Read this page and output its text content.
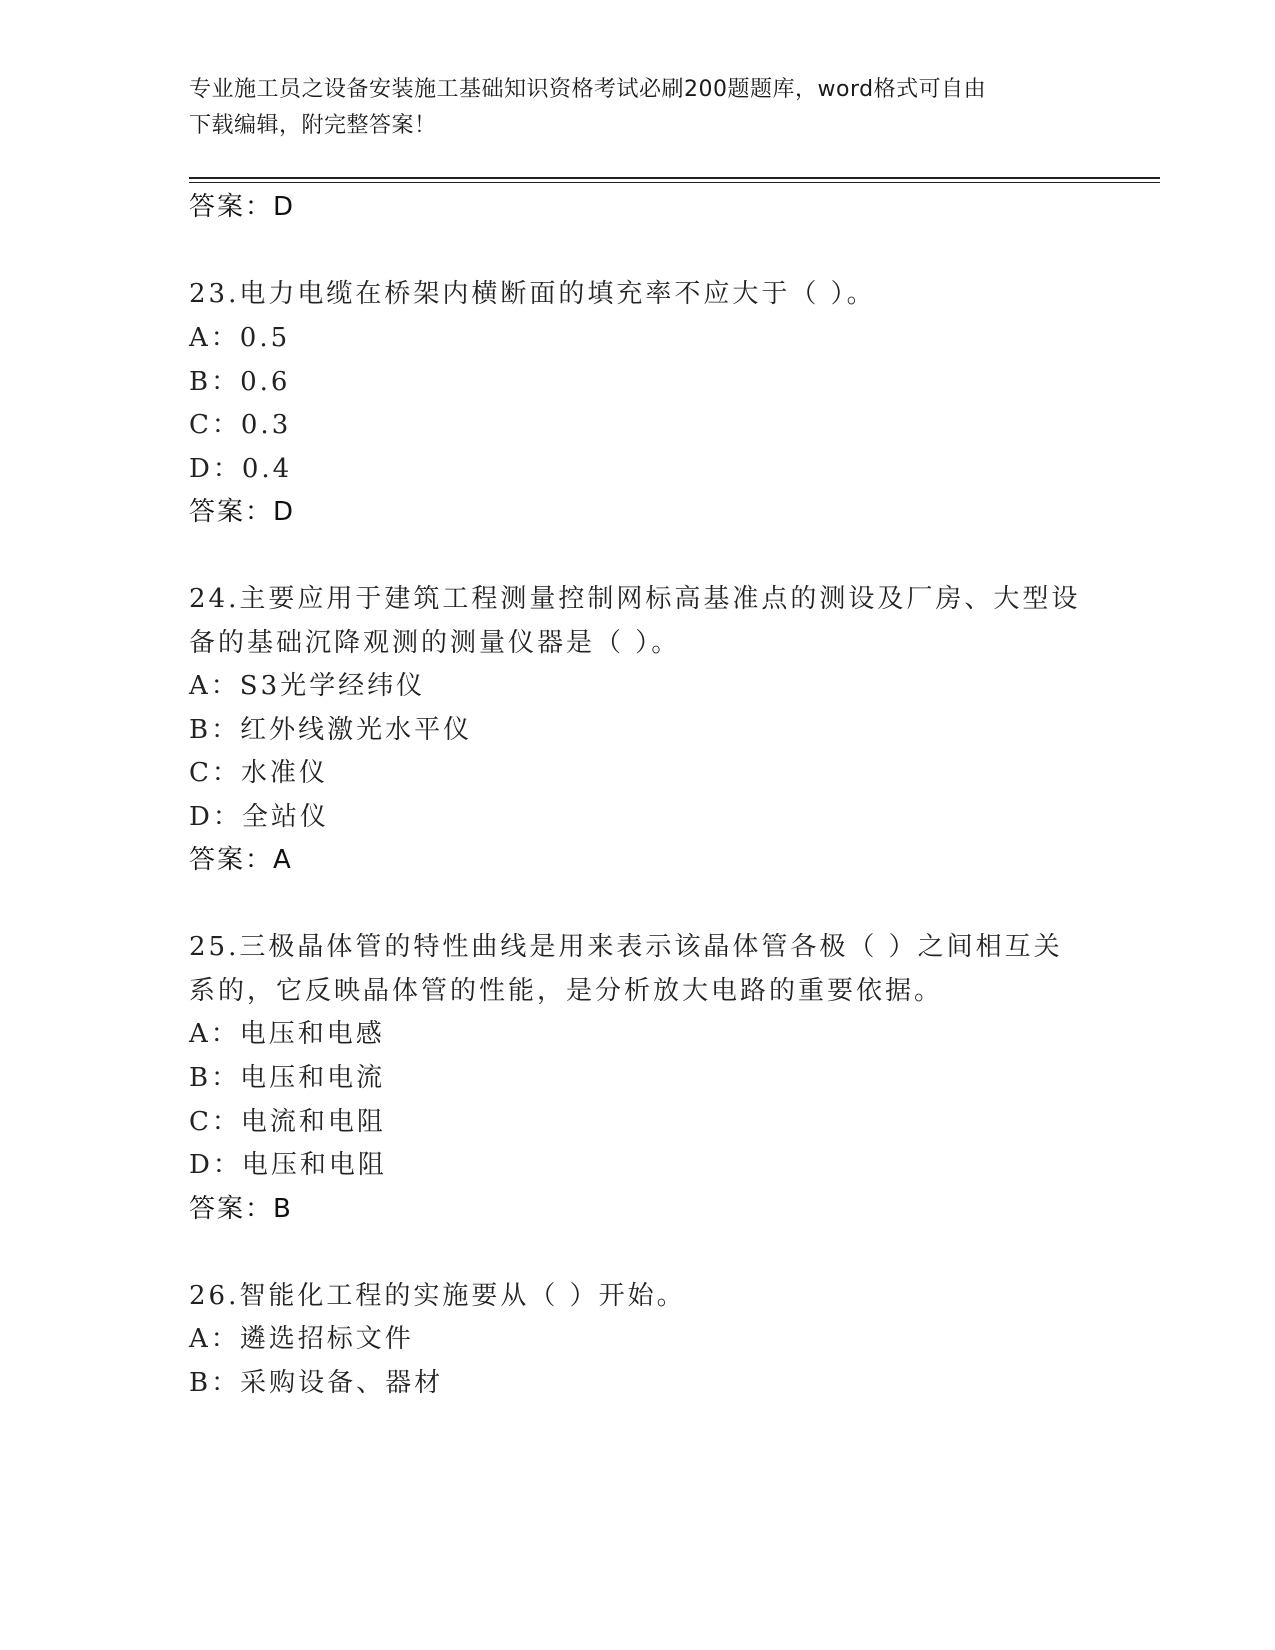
专业施工员之设备安装施工基础知识资格考试必刷200题题库，word格式可自由
下载编辑，附完整答案！
答案：D
23.电力电缆在桥架内横断面的填充率不应大于（ ）。
A：0.5
B：0.6
C：0.3
D：0.4
答案：D
24.主要应用于建筑工程测量控制网标高基准点的测设及厂房、大型设
备的基础沉降观测的测量仪器是（ ）。
A：S3光学经纬仪
B：红外线激光水平仪
C：水准仪
D：全站仪
答案：A
25.三极晶体管的特性曲线是用来表示该晶体管各极（ ）之间相互关
系的，它反映晶体管的性能，是分析放大电路的重要依据。
A：电压和电感
B：电压和电流
C：电流和电阻
D：电压和电阻
答案：B
26.智能化工程的实施要从（ ）开始。
A：遴选招标文件
B：采购设备、器材
